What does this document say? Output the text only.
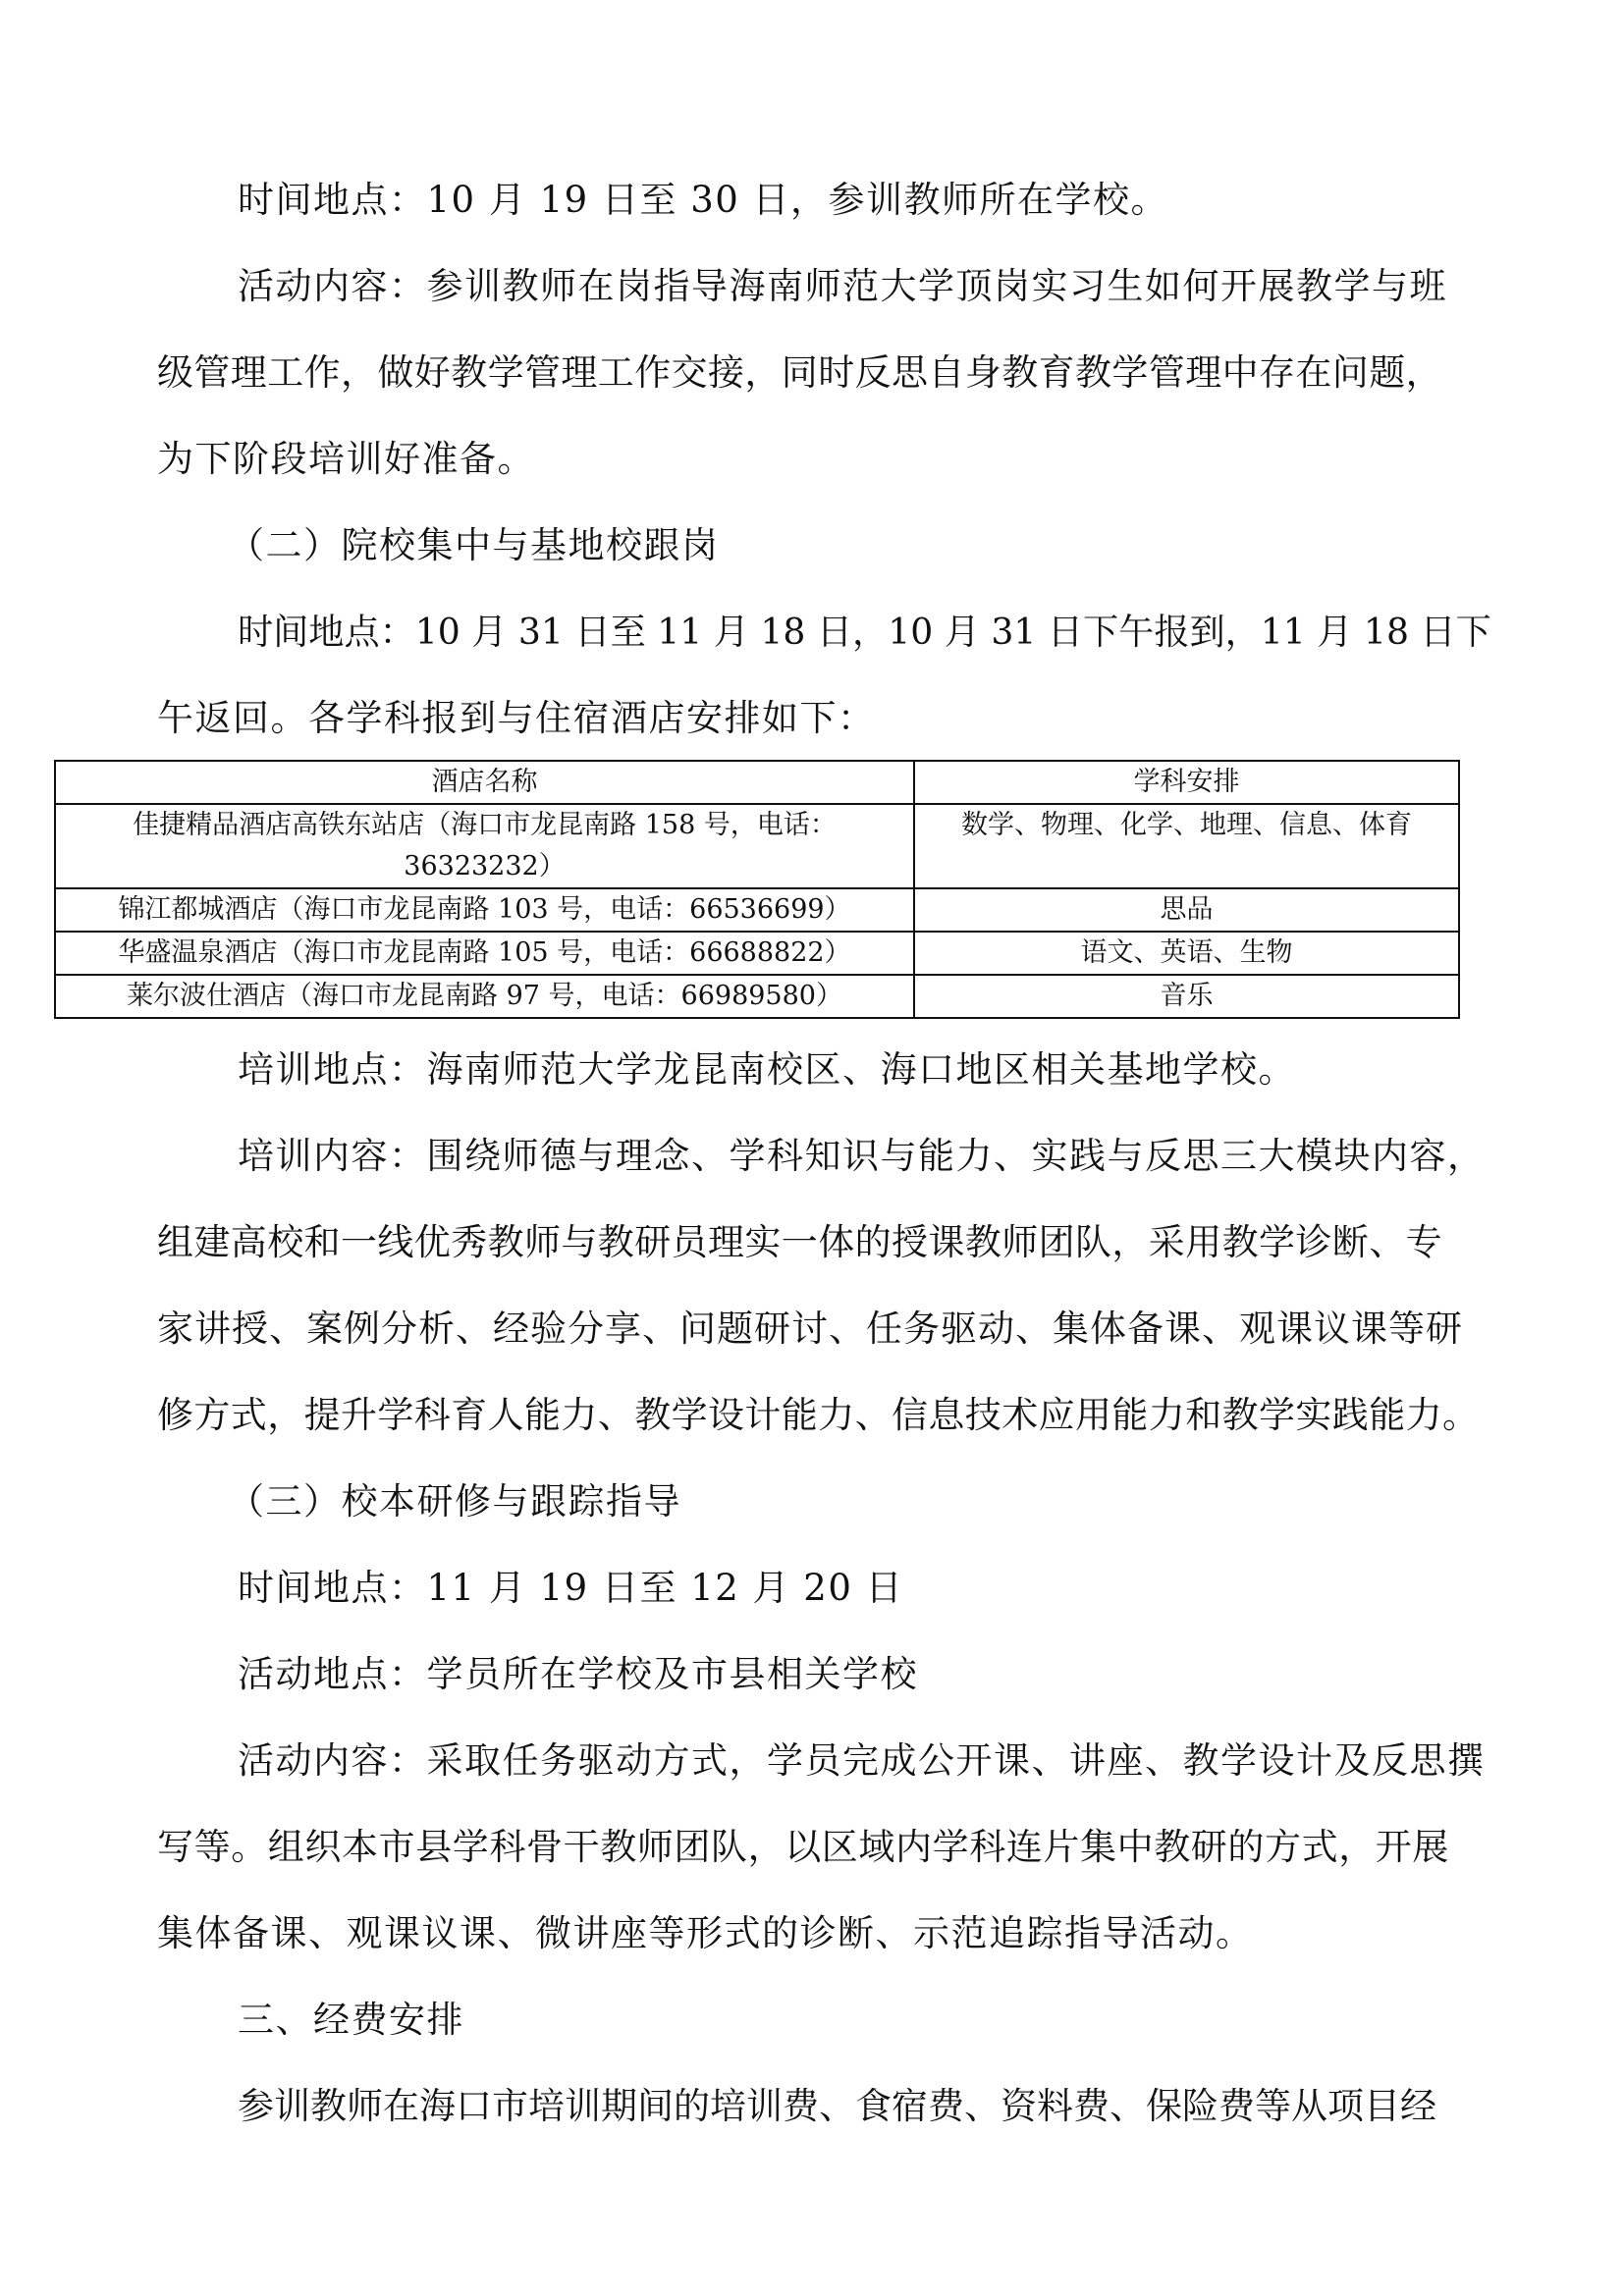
时间地点：10 月 19 日至 30 日，参训教师所在学校。
活动内容：参训教师在岗指导海南师范大学顶岗实习生如何开展教学与班
级管理工作，做好教学管理工作交接，同时反思自身教育教学管理中存在问题，
为下阶段培训好准备。
（二）院校集中与基地校跟岗
时间地点：10 月 31 日至 11 月 18 日，10 月 31 日下午报到，11 月 18 日下
午返回。各学科报到与住宿酒店安排如下：
酒店名称	学科安排

佳捷精品酒店高铁东站店（海口市龙昆南路 158 号，电话：
36323232）	数学、物理、化学、地理、信息、体育
锦江都城酒店（海口市龙昆南路 103 号，电话：66536699）	思品
华盛温泉酒店（海口市龙昆南路 105 号，电话：66688822）	语文、英语、生物
莱尔波仕酒店（海口市龙昆南路 97 号，电话：66989580）	音乐
培训地点：海南师范大学龙昆南校区、海口地区相关基地学校。
培训内容：围绕师德与理念、学科知识与能力、实践与反思三大模块内容，
组建高校和一线优秀教师与教研员理实一体的授课教师团队，采用教学诊断、专
家讲授、案例分析、经验分享、问题研讨、任务驱动、集体备课、观课议课等研
修方式，提升学科育人能力、教学设计能力、信息技术应用能力和教学实践能力。
（三）校本研修与跟踪指导
时间地点：11 月 19 日至 12 月 20 日
活动地点：学员所在学校及市县相关学校
活动内容：采取任务驱动方式，学员完成公开课、讲座、教学设计及反思撰
写等。组织本市县学科骨干教师团队，以区域内学科连片集中教研的方式，开展
集体备课、观课议课、微讲座等形式的诊断、示范追踪指导活动。
三、经费安排
参训教师在海口市培训期间的培训费、食宿费、资料费、保险费等从项目经
